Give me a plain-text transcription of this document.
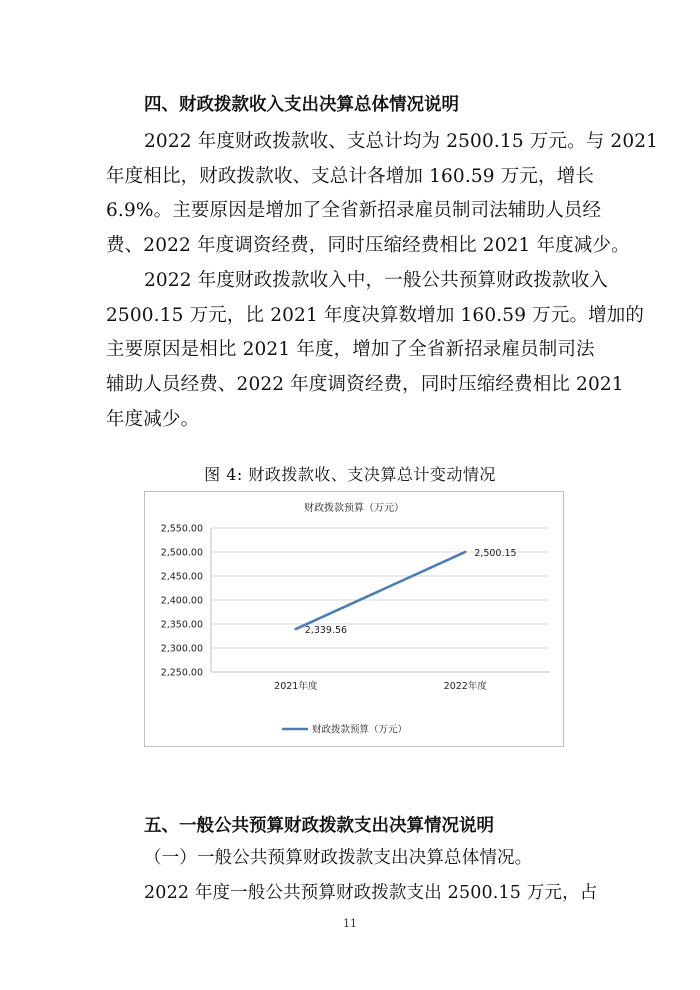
四、财政拨款收入支出决算总体情况说明

2022 年度财政拨款收、支总计均为 2500.15 万元。与 2021
年度相比，财政拨款收、支总计各增加 160.59 万元，增长
6.9%。主要原因是增加了全省新招录雇员制司法辅助人员经
费、2022 年度调资经费，同时压缩经费相比 2021 年度减少。

2022 年度财政拨款收入中，一般公共预算财政拨款收入
2500.15 万元，比 2021 年度决算数增加 160.59 万元。增加的
主要原因是相比 2021 年度，增加了全省新招录雇员制司法
辅助人员经费、2022 年度调资经费，同时压缩经费相比 2021
年度减少。

图 4: 财政拨款收、支决算总计变动情况
财政拨款预算（万元）
2,250.00
2,300.00
2,350.00
2,400.00
2,450.00
2,500.00
2,550.00
2021年度	2022年度
2,339.56
2,500.15
财政拨款预算（万元）
五、一般公共预算财政拨款支出决算情况说明

（一）一般公共预算财政拨款支出决算总体情况。

2022 年度一般公共预算财政拨款支出 2500.15 万元，占

11
